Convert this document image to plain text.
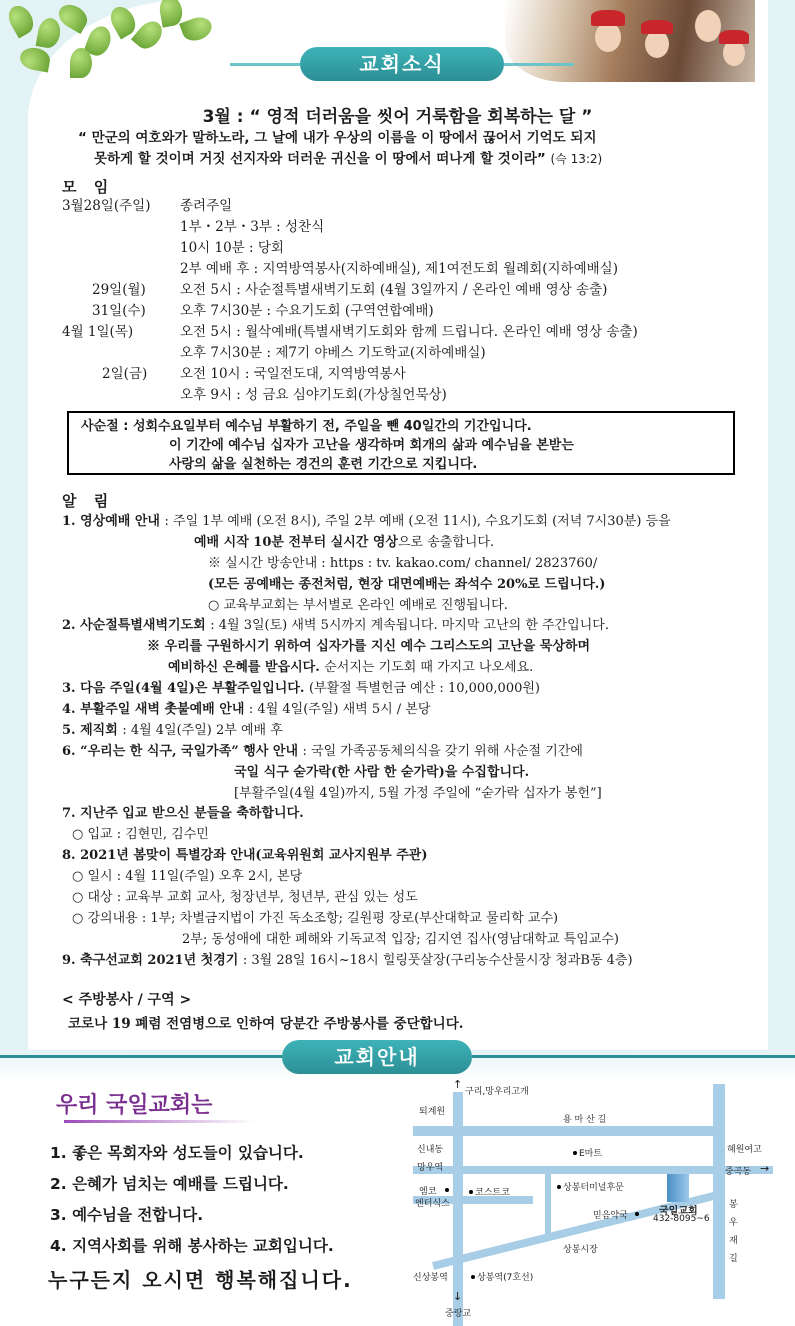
교회소식
3월 : “ 영적 더러움을 씻어 거룩함을 회복하는 달 ”
“ 만군의 여호와가 말하노라, 그 날에 내가 우상의 이름을 이 땅에서 끊어서 기억도 되지
못하게 할 것이며 거짓 선지자와 더러운 귀신을 이 땅에서 떠나게 할 것이라” (슥 13:2)
모 임
3월28일(주일) 종려주일
1부・2부・3부 : 성찬식
10시 10분 : 당회
2부 예배 후 : 지역방역봉사(지하예배실), 제1여전도회 월례회(지하예배실)
29일(월)	오전 5시 : 사순절특별새벽기도회 (4월 3일까지 / 온라인 예배 영상 송출)
31일(수)	오후 7시30분 : 수요기도회 (구역연합예배)
4월 1일(목)	오전 5시 : 월삭예배(특별새벽기도회와 함께 드립니다. 온라인 예배 영상 송출)
오후 7시30분 : 제7기 야베스 기도학교(지하예배실)
2일(금) 오전 10시 : 국일전도대, 지역방역봉사
오후 9시 : 성 금요 심야기도회(가상칠언묵상)
사순절 : 성회수요일부터 예수님 부활하기 전, 주일을 뺀 40일간의 기간입니다.
이 기간에 예수님 십자가 고난을 생각하며 회개의 삶과 예수님을 본받는
사랑의 삶을 실천하는 경건의 훈련 기간으로 지킵니다.
알 림
1. 영상예배 안내 : 주일 1부 예배 (오전 8시), 주일 2부 예배 (오전 11시), 수요기도회 (저녁 7시30분) 등을
예배 시작 10분 전부터 실시간 영상으로 송출합니다.
※ 실시간 방송안내 : https : tv. kakao.com/ channel/ 2823760/
(모든 공예배는 종전처럼, 현장 대면예배는 좌석수 20%로 드립니다.)
○ 교육부교회는 부서별로 온라인 예배로 진행됩니다.
2. 사순절특별새벽기도회 : 4월 3일(토) 새벽 5시까지 계속됩니다. 마지막 고난의 한 주간입니다.
※ 우리를 구원하시기 위하여 십자가를 지신 예수 그리스도의 고난을 묵상하며
예비하신 은혜를 받읍시다. 순서지는 기도회 때 가지고 나오세요.
3. 다음 주일(4월 4일)은 부활주일입니다. (부활절 특별헌금 예산 : 10,000,000원)
4. 부활주일 새벽 촛불예배 안내 : 4월 4일(주일) 새벽 5시 / 본당
5. 제직회 : 4월 4일(주일) 2부 예배 후
6. “우리는 한 식구, 국일가족” 행사 안내 : 국일 가족공동체의식을 갖기 위해 사순절 기간에
국일 식구 숟가락(한 사람 한 숟가락)을 수집합니다.
[부활주일(4월 4일)까지, 5월 가정 주일에 “숟가락 십자가 봉헌”]
7. 지난주 입교 받으신 분들을 축하합니다.
○ 입교 : 김현민, 김수민
8. 2021년 봄맞이 특별강좌 안내(교육위원회 교사지원부 주관)
○ 일시 : 4월 11일(주일) 오후 2시, 본당
○ 대상 : 교육부 교회 교사, 청장년부, 청년부, 관심 있는 성도
○ 강의내용 : 1부; 차별금지법이 가진 독소조항; 길원평 장로(부산대학교 물리학 교수)
2부; 동성애에 대한 폐해와 기독교적 입장; 김지연 집사(영남대학교 특임교수)
9. 축구선교회 2021년 첫경기 : 3월 28일 16시~18시 힐링풋살장(구리농수산물시장 청과B동 4층)
< 주방봉사 / 구역 >
코로나 19 폐렴 전염병으로 인하여 당분간 주방봉사를 중단합니다.
교회안내
우리 국일교회는
1. 좋은 목회자와 성도들이 있습니다.
2. 은혜가 넘치는 예배를 드립니다.
3. 예수님을 전합니다.
4. 지역사회를 위해 봉사하는 교회입니다.
누구든지 오시면 행복해집니다.
↑
구리,망우리고개
퇴계원
용 마 산 길
신내동	E마트	혜원여고
망우역	중곡동 →
엠코
엔터식스
코스트코	상봉터미널후문
국일교회
432-8095~6
믿음약국
봉우재길
상봉시장
신상봉역	상봉역(7호선)
↓
중랑교
